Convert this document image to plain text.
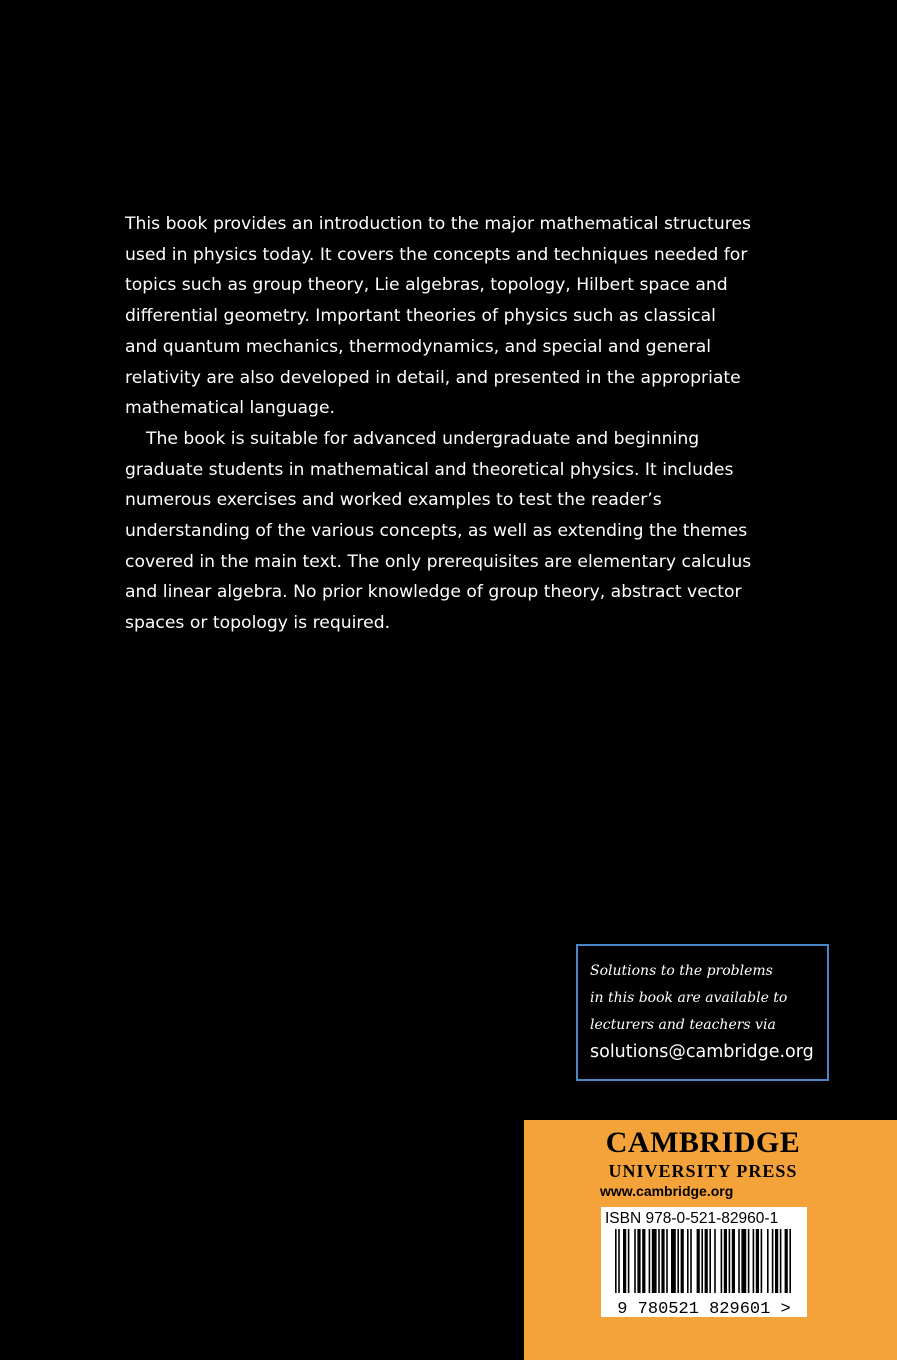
This book provides an introduction to the major mathematical structures used in physics today. It covers the concepts and techniques needed for topics such as group theory, Lie algebras, topology, Hilbert space and differential geometry. Important theories of physics such as classical and quantum mechanics, thermodynamics, and special and general relativity are also developed in detail, and presented in the appropriate mathematical language.

The book is suitable for advanced undergraduate and beginning graduate students in mathematical and theoretical physics. It includes numerous exercises and worked examples to test the reader’s understanding of the various concepts, as well as extending the themes covered in the main text. The only prerequisites are elementary calculus and linear algebra. No prior knowledge of group theory, abstract vector spaces or topology is required.

Solutions to the problems
in this book are available to
lecturers and teachers via
solutions@cambridge.org
CAMBRIDGE
UNIVERSITY PRESS
www.cambridge.org
ISBN 978-0-521-82960-1
9 780521 829601 >
